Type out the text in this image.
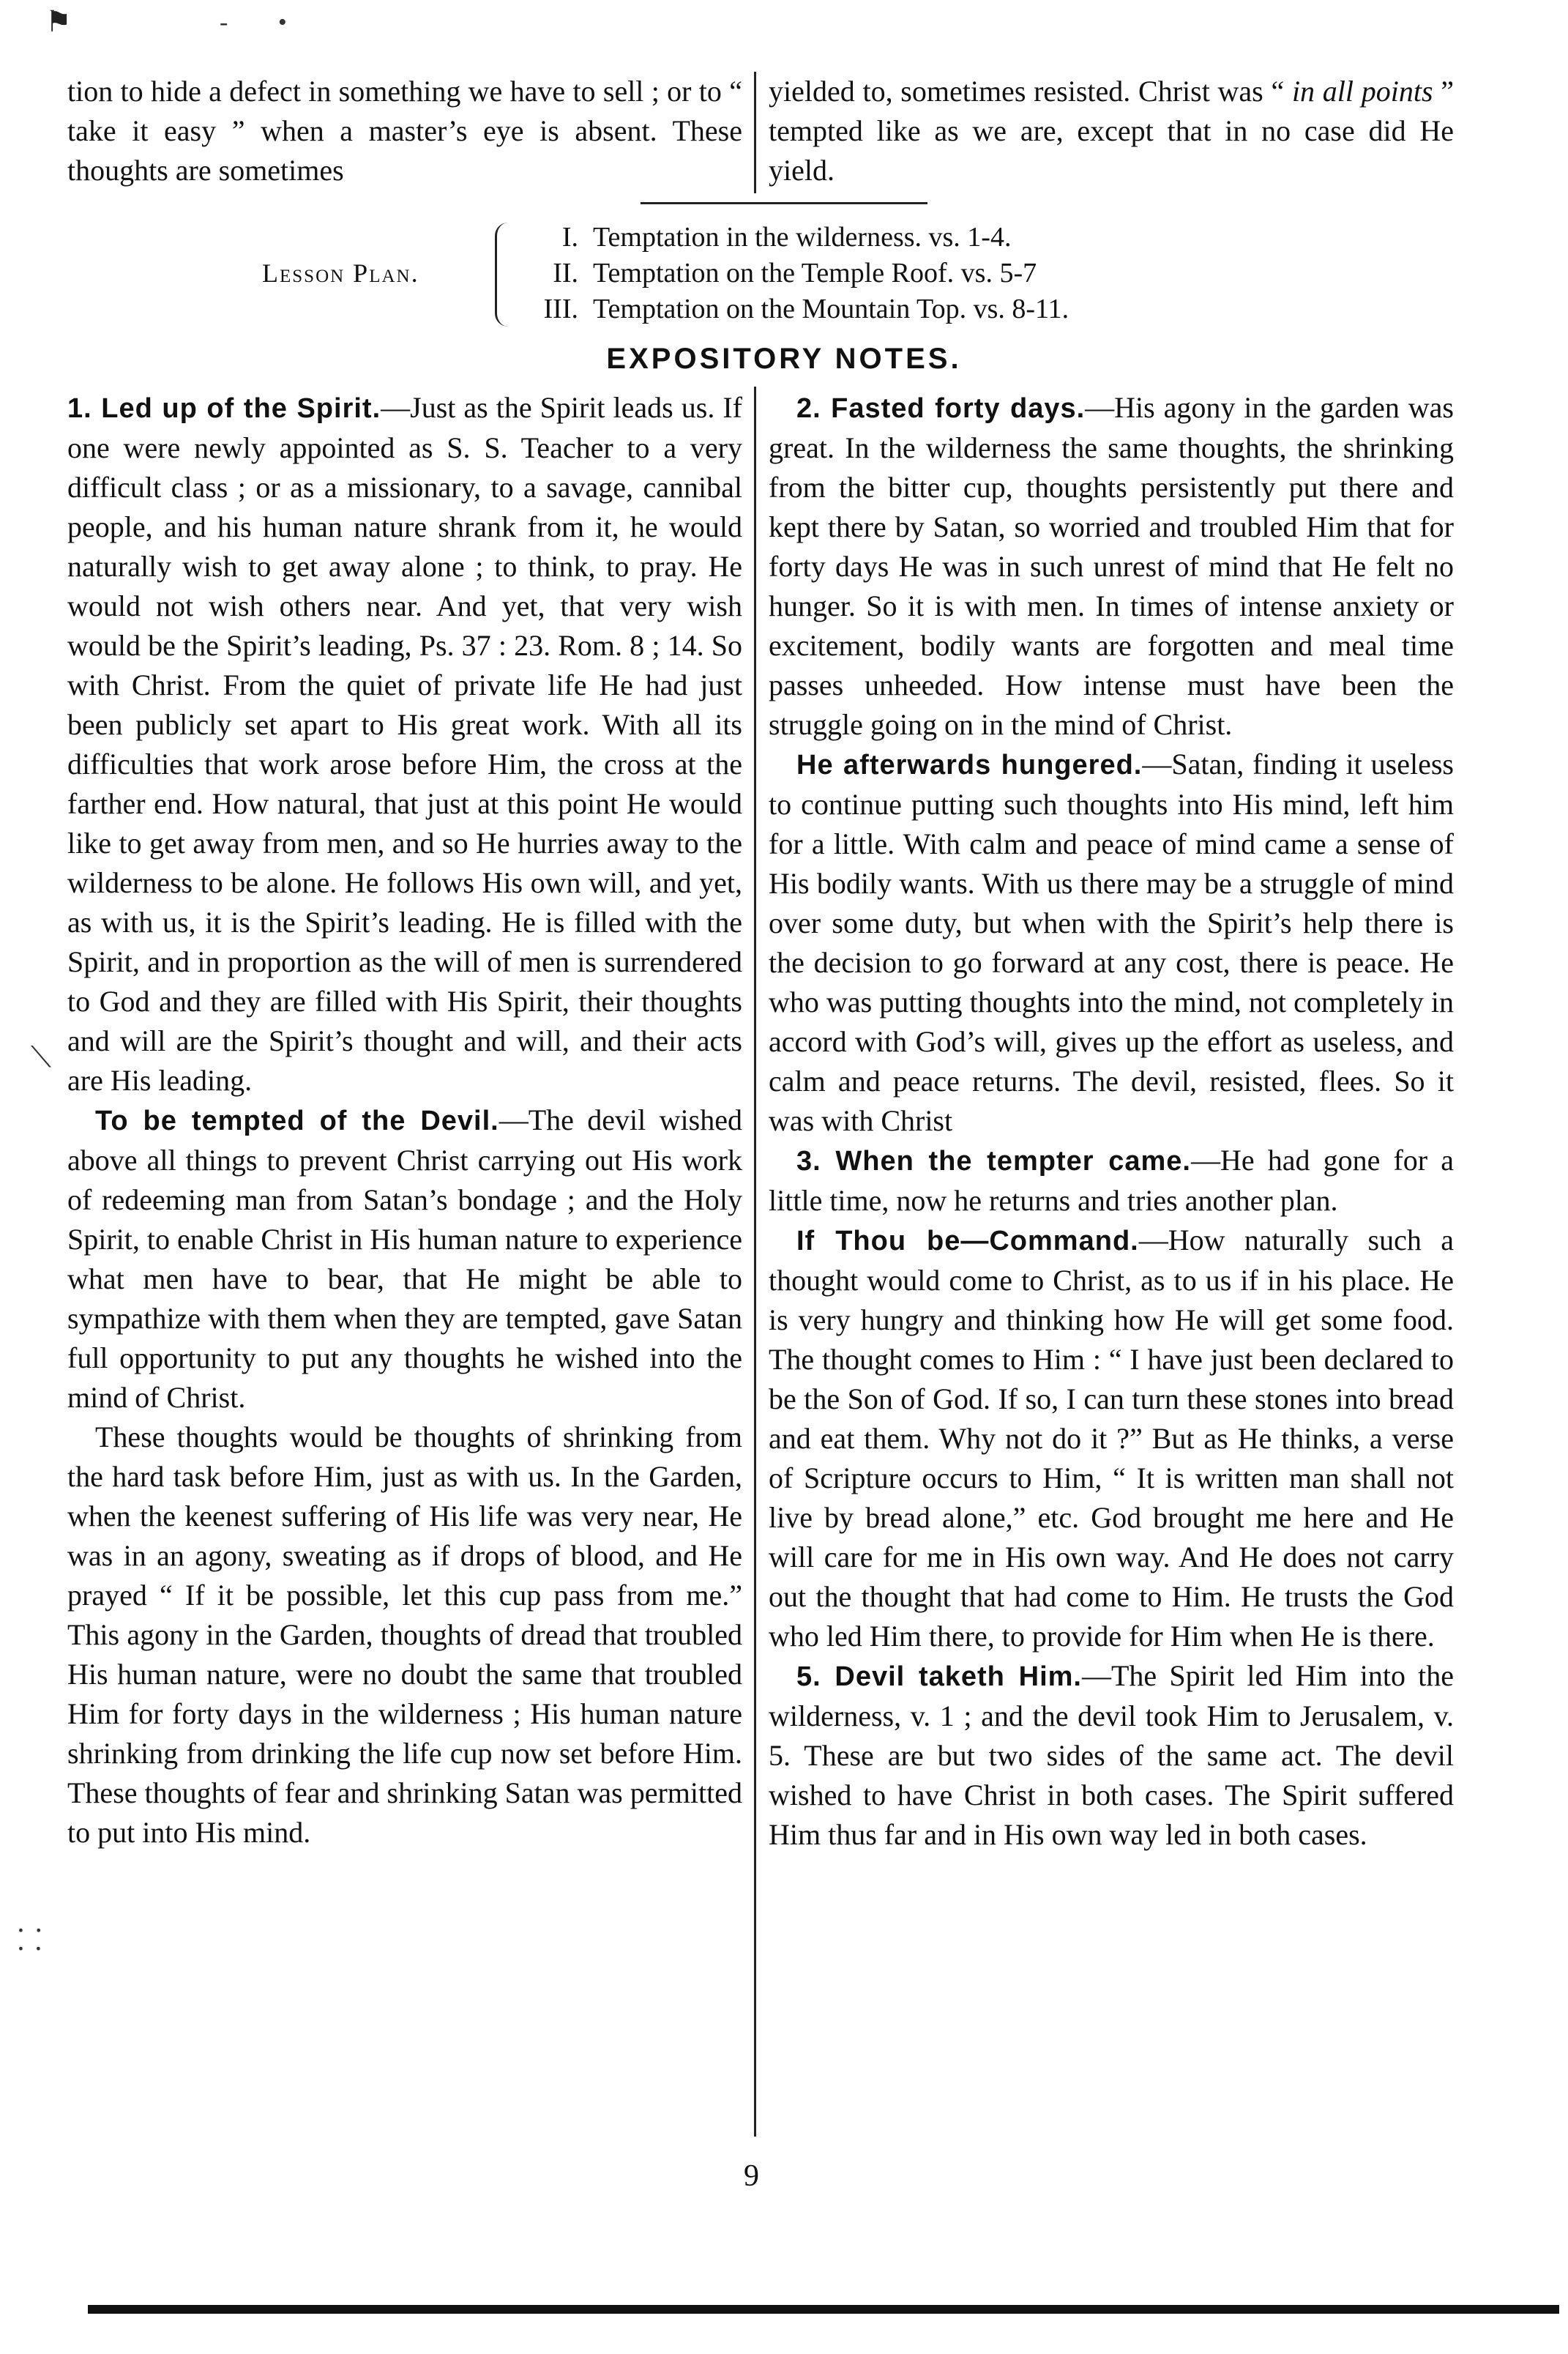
⚑	- •

tion to hide a defect in something we have to sell ; or to “ take it easy ” when a master’s eye is absent. These thoughts are sometimes

yielded to, sometimes resisted. Christ was “ in all points ” tempted like as we are, except that in no case did He yield.

Lesson Plan.
I. Temptation in the wilderness. vs. 1-4.
II. Temptation on the Temple Roof. vs. 5-7
III. Temptation on the Mountain Top. vs. 8-11.
EXPOSITORY NOTES.

1. Led up of the Spirit.—Just as the Spirit leads us. If one were newly appointed as S. S. Teacher to a very difficult class ; or as a missionary, to a savage, cannibal people, and his human nature shrank from it, he would naturally wish to get away alone ; to think, to pray. He would not wish others near. And yet, that very wish would be the Spirit’s leading, Ps. 37 : 23. Rom. 8 ; 14. So with Christ. From the quiet of private life He had just been publicly set apart to His great work. With all its difficulties that work arose before Him, the cross at the farther end. How natural, that just at this point He would like to get away from men, and so He hurries away to the wilderness to be alone. He follows His own will, and yet, as with us, it is the Spirit’s leading. He is filled with the Spirit, and in proportion as the will of men is surrendered to God and they are filled with His Spirit, their thoughts and will are the Spirit’s thought and will, and their acts are His leading.

To be tempted of the Devil.—The devil wished above all things to prevent Christ carrying out His work of redeeming man from Satan’s bondage ; and the Holy Spirit, to enable Christ in His human nature to experience what men have to bear, that He might be able to sympathize with them when they are tempted, gave Satan full opportunity to put any thoughts he wished into the mind of Christ.

These thoughts would be thoughts of shrinking from the hard task before Him, just as with us. In the Garden, when the keenest suffering of His life was very near, He was in an agony, sweating as if drops of blood, and He prayed “ If it be possible, let this cup pass from me.” This agony in the Garden, thoughts of dread that troubled His human nature, were no doubt the same that troubled Him for forty days in the wilderness ; His human nature shrinking from drinking the life cup now set before Him. These thoughts of fear and shrinking Satan was permitted to put into His mind.

2. Fasted forty days.—His agony in the garden was great. In the wilderness the same thoughts, the shrinking from the bitter cup, thoughts persistently put there and kept there by Satan, so worried and troubled Him that for forty days He was in such unrest of mind that He felt no hunger. So it is with men. In times of intense anxiety or excitement, bodily wants are forgotten and meal time passes unheeded. How intense must have been the struggle going on in the mind of Christ.

He afterwards hungered.—Satan, finding it useless to continue putting such thoughts into His mind, left him for a little. With calm and peace of mind came a sense of His bodily wants. With us there may be a struggle of mind over some duty, but when with the Spirit’s help there is the decision to go forward at any cost, there is peace. He who was putting thoughts into the mind, not completely in accord with God’s will, gives up the effort as useless, and calm and peace returns. The devil, resisted, flees. So it was with Christ

3. When the tempter came.—He had gone for a little time, now he returns and tries another plan.

If Thou be—Command.—How naturally such a thought would come to Christ, as to us if in his place. He is very hungry and thinking how He will get some food. The thought comes to Him : “ I have just been declared to be the Son of God. If so, I can turn these stones into bread and eat them. Why not do it ?” But as He thinks, a verse of Scripture occurs to Him, “ It is written man shall not live by bread alone,” etc. God brought me here and He will care for me in His own way. And He does not carry out the thought that had come to Him. He trusts the God who led Him there, to provide for Him when He is there.

5. Devil taketh Him.—The Spirit led Him into the wilderness, v. 1 ; and the devil took Him to Jerusalem, v. 5. These are but two sides of the same act. The devil wished to have Christ in both cases. The Spirit suffered Him thus far and in His own way led in both cases.

⟍
⸬
9
